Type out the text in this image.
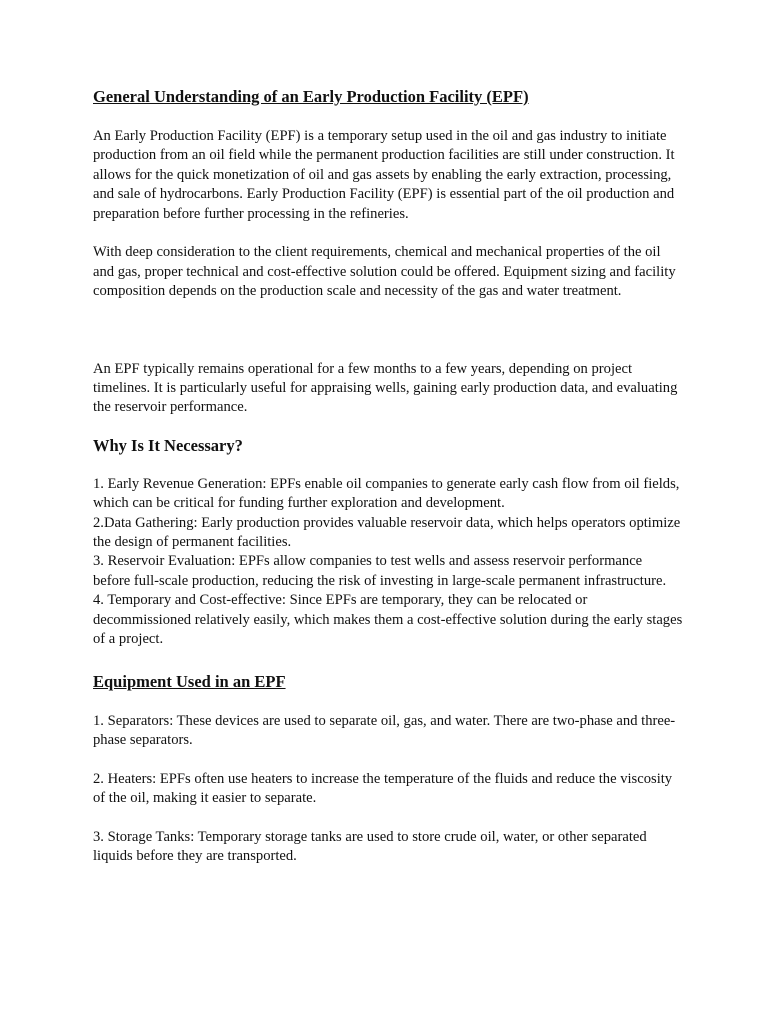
General Understanding of an Early Production Facility (EPF)

An Early Production Facility (EPF) is a temporary setup used in the oil and gas industry to initiate production from an oil field while the permanent production facilities are still under construction. It allows for the quick monetization of oil and gas assets by enabling the early extraction, processing, and sale of hydrocarbons. Early Production Facility (EPF) is essential part of the oil production and preparation before further processing in the refineries.

With deep consideration to the client requirements, chemical and mechanical properties of the oil and gas, proper technical and cost-effective solution could be offered. Equipment sizing and facility composition depends on the production scale and necessity of the gas and water treatment.

An EPF typically remains operational for a few months to a few years, depending on project timelines. It is particularly useful for appraising wells, gaining early production data, and evaluating the reservoir performance.

Why Is It Necessary?

1. Early Revenue Generation: EPFs enable oil companies to generate early cash flow from oil fields, which can be critical for funding further exploration and development.

2.Data Gathering: Early production provides valuable reservoir data, which helps operators optimize the design of permanent facilities.

3. Reservoir Evaluation: EPFs allow companies to test wells and assess reservoir performance before full-scale production, reducing the risk of investing in large-scale permanent infrastructure.

4. Temporary and Cost-effective: Since EPFs are temporary, they can be relocated or decommissioned relatively easily, which makes them a cost-effective solution during the early stages of a project.

Equipment Used in an EPF

1. Separators: These devices are used to separate oil, gas, and water. There are two-phase and three-phase separators.

2. Heaters: EPFs often use heaters to increase the temperature of the fluids and reduce the viscosity of the oil, making it easier to separate.

3. Storage Tanks: Temporary storage tanks are used to store crude oil, water, or other separated liquids before they are transported.
